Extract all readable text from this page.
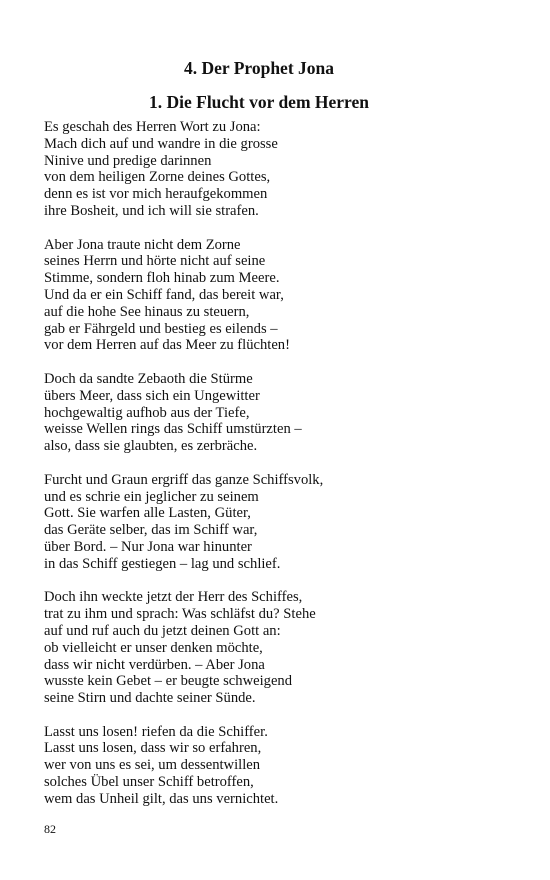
4. Der Prophet Jona
1. Die Flucht vor dem Herren
Es geschah des Herren Wort zu Jona:
Mach dich auf und wandre in die grosse
Ninive und predige darinnen
von dem heiligen Zorne deines Gottes,
denn es ist vor mich heraufgekommen
ihre Bosheit, und ich will sie strafen.
Aber Jona traute nicht dem Zorne
seines Herrn und hörte nicht auf seine
Stimme, sondern floh hinab zum Meere.
Und da er ein Schiff fand, das bereit war,
auf die hohe See hinaus zu steuern,
gab er Fährgeld und bestieg es eilends –
vor dem Herren auf das Meer zu flüchten!
Doch da sandte Zebaoth die Stürme
übers Meer, dass sich ein Ungewitter
hochgewaltig aufhob aus der Tiefe,
weisse Wellen rings das Schiff umstürzten –
also, dass sie glaubten, es zerbräche.
Furcht und Graun ergriff das ganze Schiffsvolk,
und es schrie ein jeglicher zu seinem
Gott. Sie warfen alle Lasten, Güter,
das Geräte selber, das im Schiff war,
über Bord. – Nur Jona war hinunter
in das Schiff gestiegen – lag und schlief.
Doch ihn weckte jetzt der Herr des Schiffes,
trat zu ihm und sprach: Was schläfst du? Stehe
auf und ruf auch du jetzt deinen Gott an:
ob vielleicht er unser denken möchte,
dass wir nicht verdürben. – Aber Jona
wusste kein Gebet – er beugte schweigend
seine Stirn und dachte seiner Sünde.
Lasst uns losen! riefen da die Schiffer.
Lasst uns losen, dass wir so erfahren,
wer von uns es sei, um dessentwillen
solches Übel unser Schiff betroffen,
wem das Unheil gilt, das uns vernichtet.
82
